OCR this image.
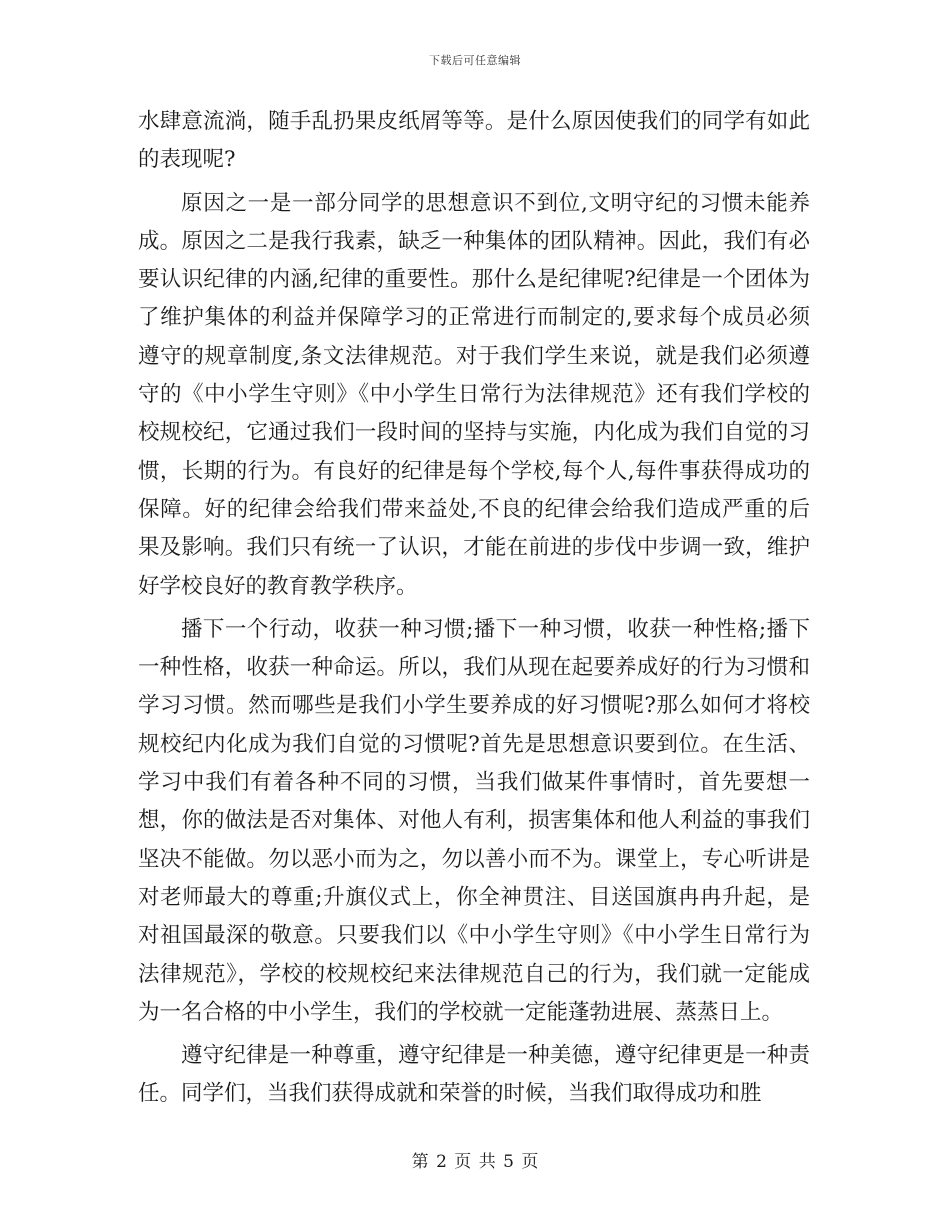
下载后可任意编辑

水肆意流淌，随手乱扔果皮纸屑等等。是什么原因使我们的同学有如此的表现呢?

原因之一是一部分同学的思想意识不到位,文明守纪的习惯未能养成。原因之二是我行我素，缺乏一种集体的团队精神。因此，我们有必要认识纪律的内涵,纪律的重要性。那什么是纪律呢?纪律是一个团体为了维护集体的利益并保障学习的正常进行而制定的,要求每个成员必须遵守的规章制度,条文法律规范。对于我们学生来说，就是我们必须遵守的《中小学生守则》《中小学生日常行为法律规范》还有我们学校的校规校纪，它通过我们一段时间的坚持与实施，内化成为我们自觉的习惯，长期的行为。有良好的纪律是每个学校,每个人,每件事获得成功的保障。好的纪律会给我们带来益处,不良的纪律会给我们造成严重的后果及影响。我们只有统一了认识，才能在前进的步伐中步调一致，维护好学校良好的教育教学秩序。

播下一个行动，收获一种习惯;播下一种习惯，收获一种性格;播下一种性格，收获一种命运。所以，我们从现在起要养成好的行为习惯和学习习惯。然而哪些是我们小学生要养成的好习惯呢?那么如何才将校规校纪内化成为我们自觉的习惯呢?首先是思想意识要到位。在生活、学习中我们有着各种不同的习惯，当我们做某件事情时，首先要想一想，你的做法是否对集体、对他人有利，损害集体和他人利益的事我们坚决不能做。勿以恶小而为之，勿以善小而不为。课堂上，专心听讲是对老师最大的尊重;升旗仪式上，你全神贯注、目送国旗冉冉升起，是对祖国最深的敬意。只要我们以《中小学生守则》《中小学生日常行为法律规范》，学校的校规校纪来法律规范自己的行为，我们就一定能成为一名合格的中小学生，我们的学校就一定能蓬勃进展、蒸蒸日上。

遵守纪律是一种尊重，遵守纪律是一种美德，遵守纪律更是一种责任。同学们，当我们获得成就和荣誉的时候，当我们取得成功和胜

第 2 页 共 5 页
